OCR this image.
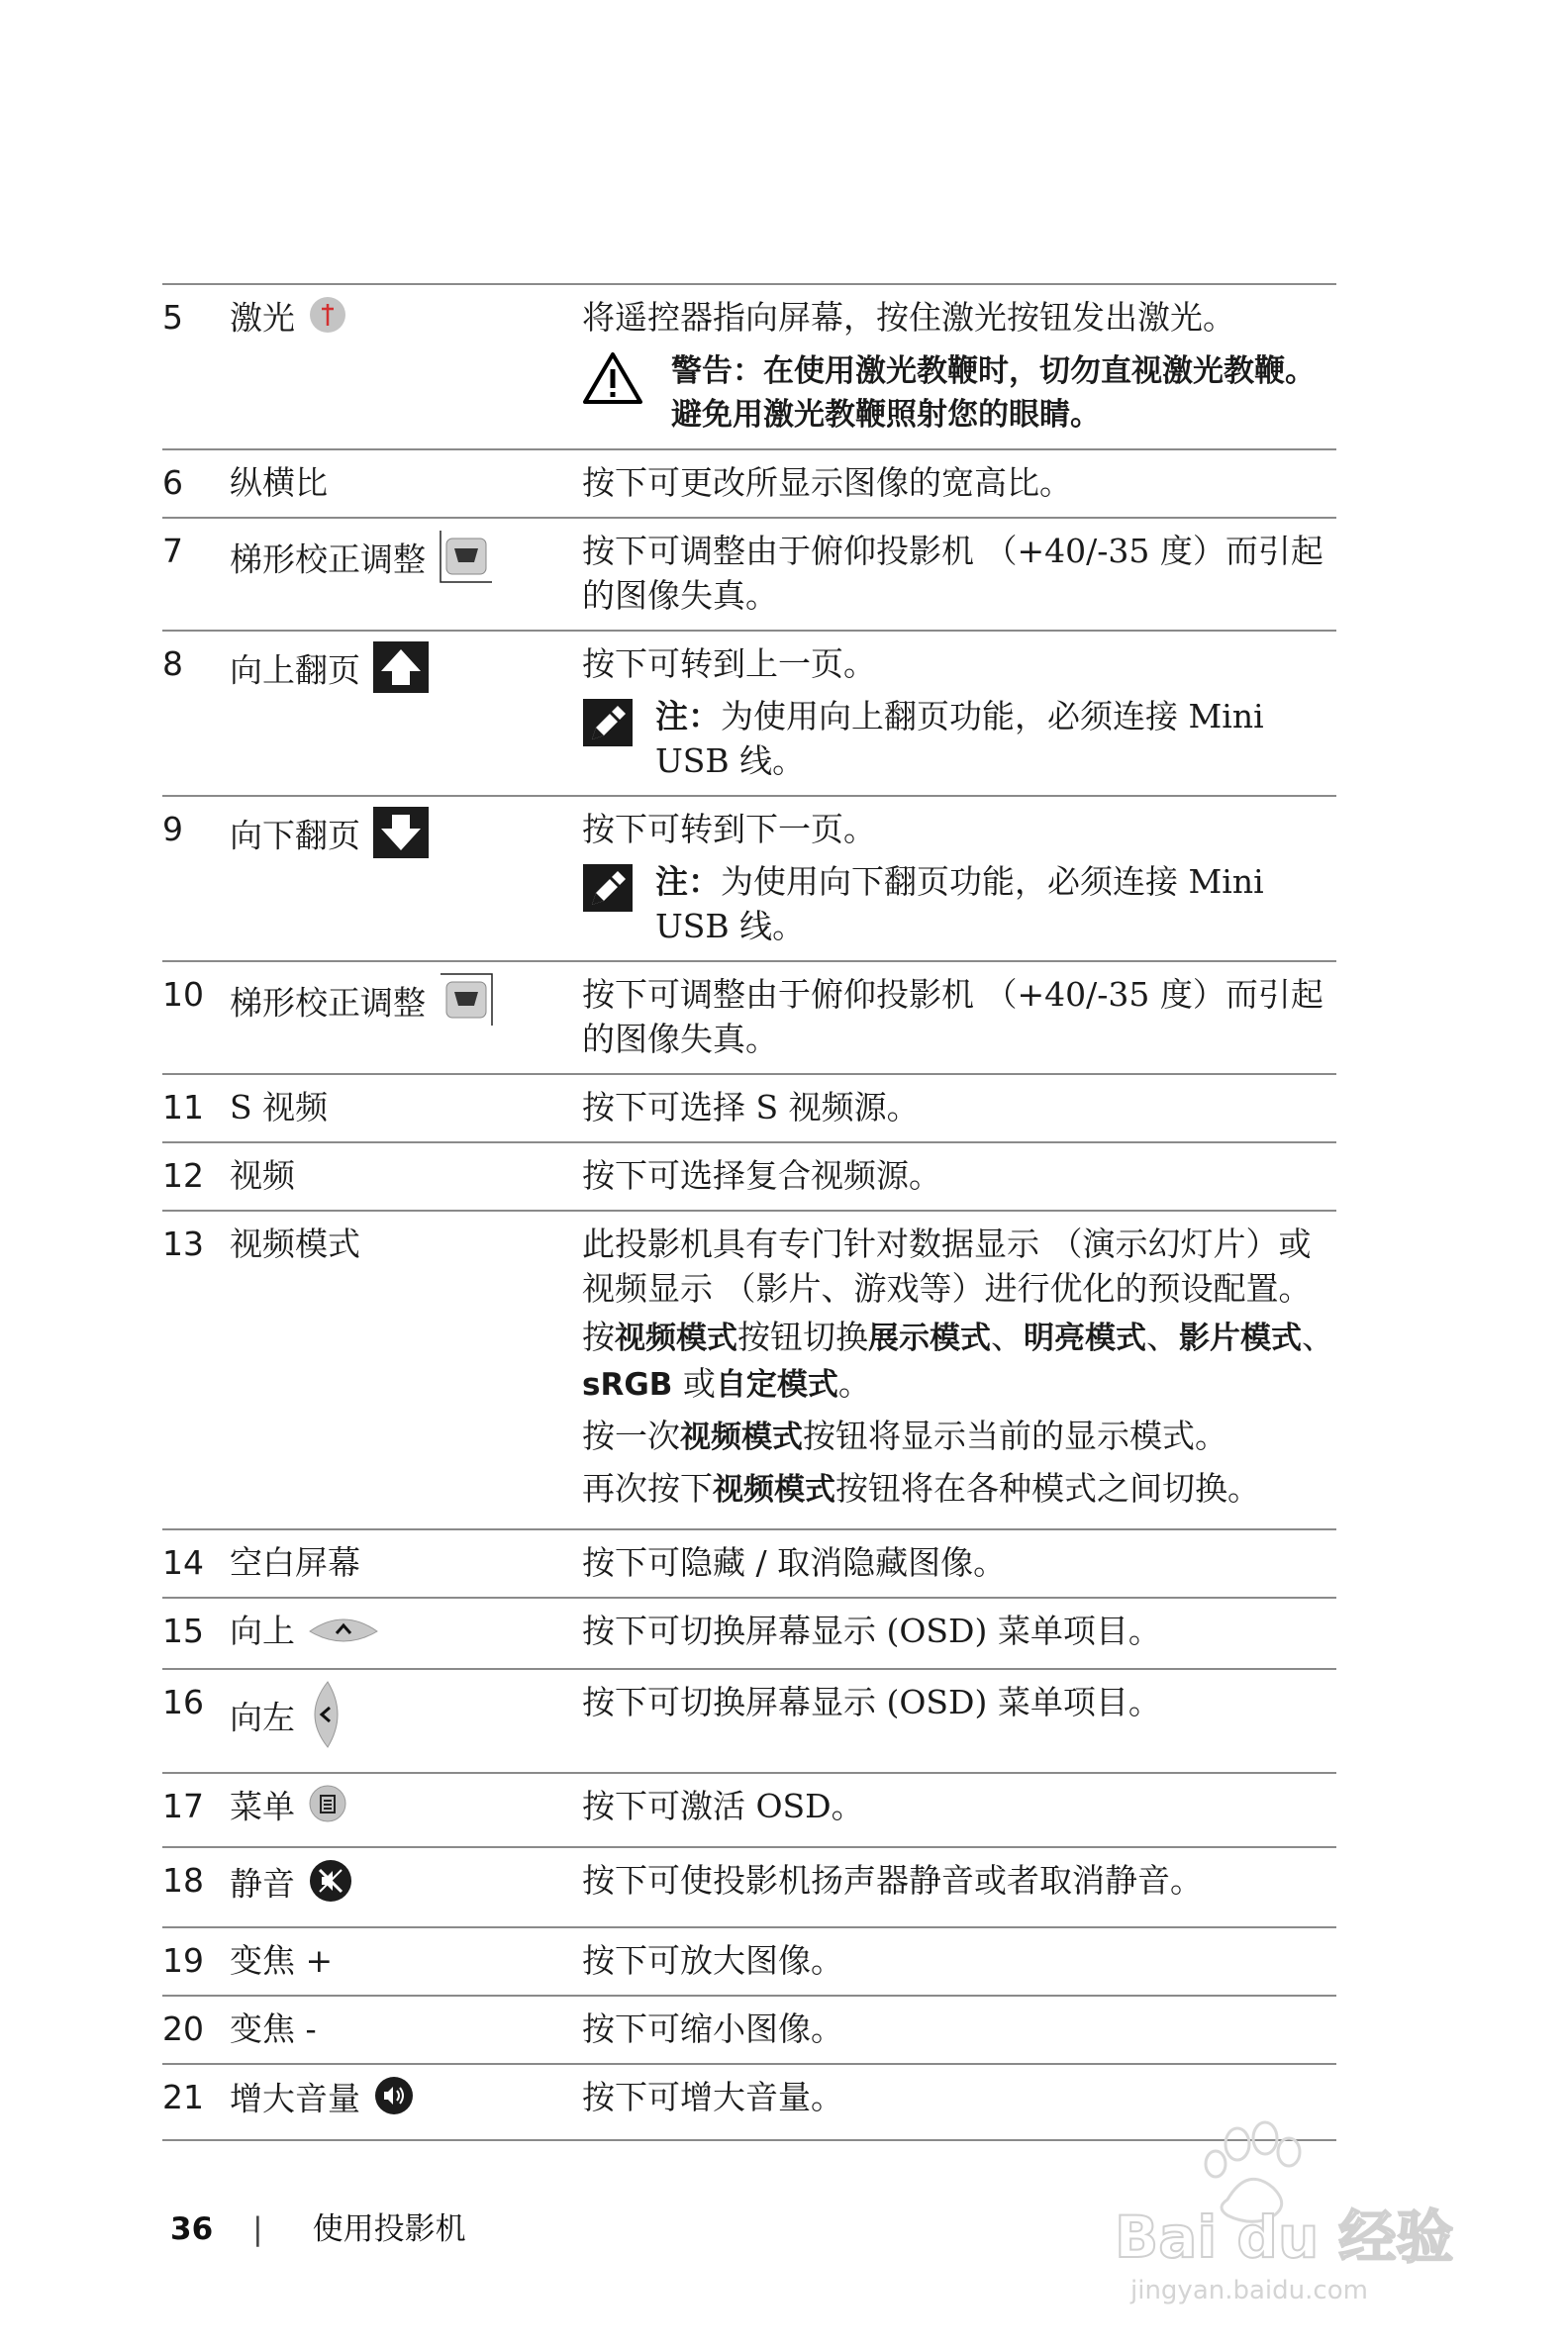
5	激光	将遥控器指向屏幕，按住激光按钮发出激光。
警告：在使用激光教鞭时，切勿直视激光教鞭。避免用激光教鞭照射您的眼睛。

6	纵横比	按下可更改所显示图像的宽高比。
7	梯形校正调整	按下可调整由于俯仰投影机 （+40/-35 度）而引起的图像失真。
8	向上翻页	按下可转到上一页。
注：为使用向上翻页功能，必须连接 Mini USB 线。

9	向下翻页	按下可转到下一页。
注：为使用向下翻页功能，必须连接 Mini USB 线。

10	梯形校正调整	按下可调整由于俯仰投影机 （+40/-35 度）而引起的图像失真。
11	S 视频	按下可选择 S 视频源。
12	视频	按下可选择复合视频源。
13	视频模式	此投影机具有专门针对数据显示 （演示幻灯片）或视频显示 （影片、游戏等）进行优化的预设配置。
按视频模式按钮切换展示模式、明亮模式、影片模式、 sRGB 或自定模式。
按一次视频模式按钮将显示当前的显示模式。
再次按下视频模式按钮将在各种模式之间切换。

14	空白屏幕	按下可隐藏 / 取消隐藏图像。
15	向上	按下可切换屏幕显示 (OSD) 菜单项目。
16	向左	按下可切换屏幕显示 (OSD) 菜单项目。
17	菜单	按下可激活 OSD。
18	静音	按下可使投影机扬声器静音或者取消静音。
19	变焦 +	按下可放大图像。
20	变焦 -	按下可缩小图像。
21	增大音量	按下可增大音量。
36 | 使用投影机	Bai du 经验
jingyan.baidu.com
